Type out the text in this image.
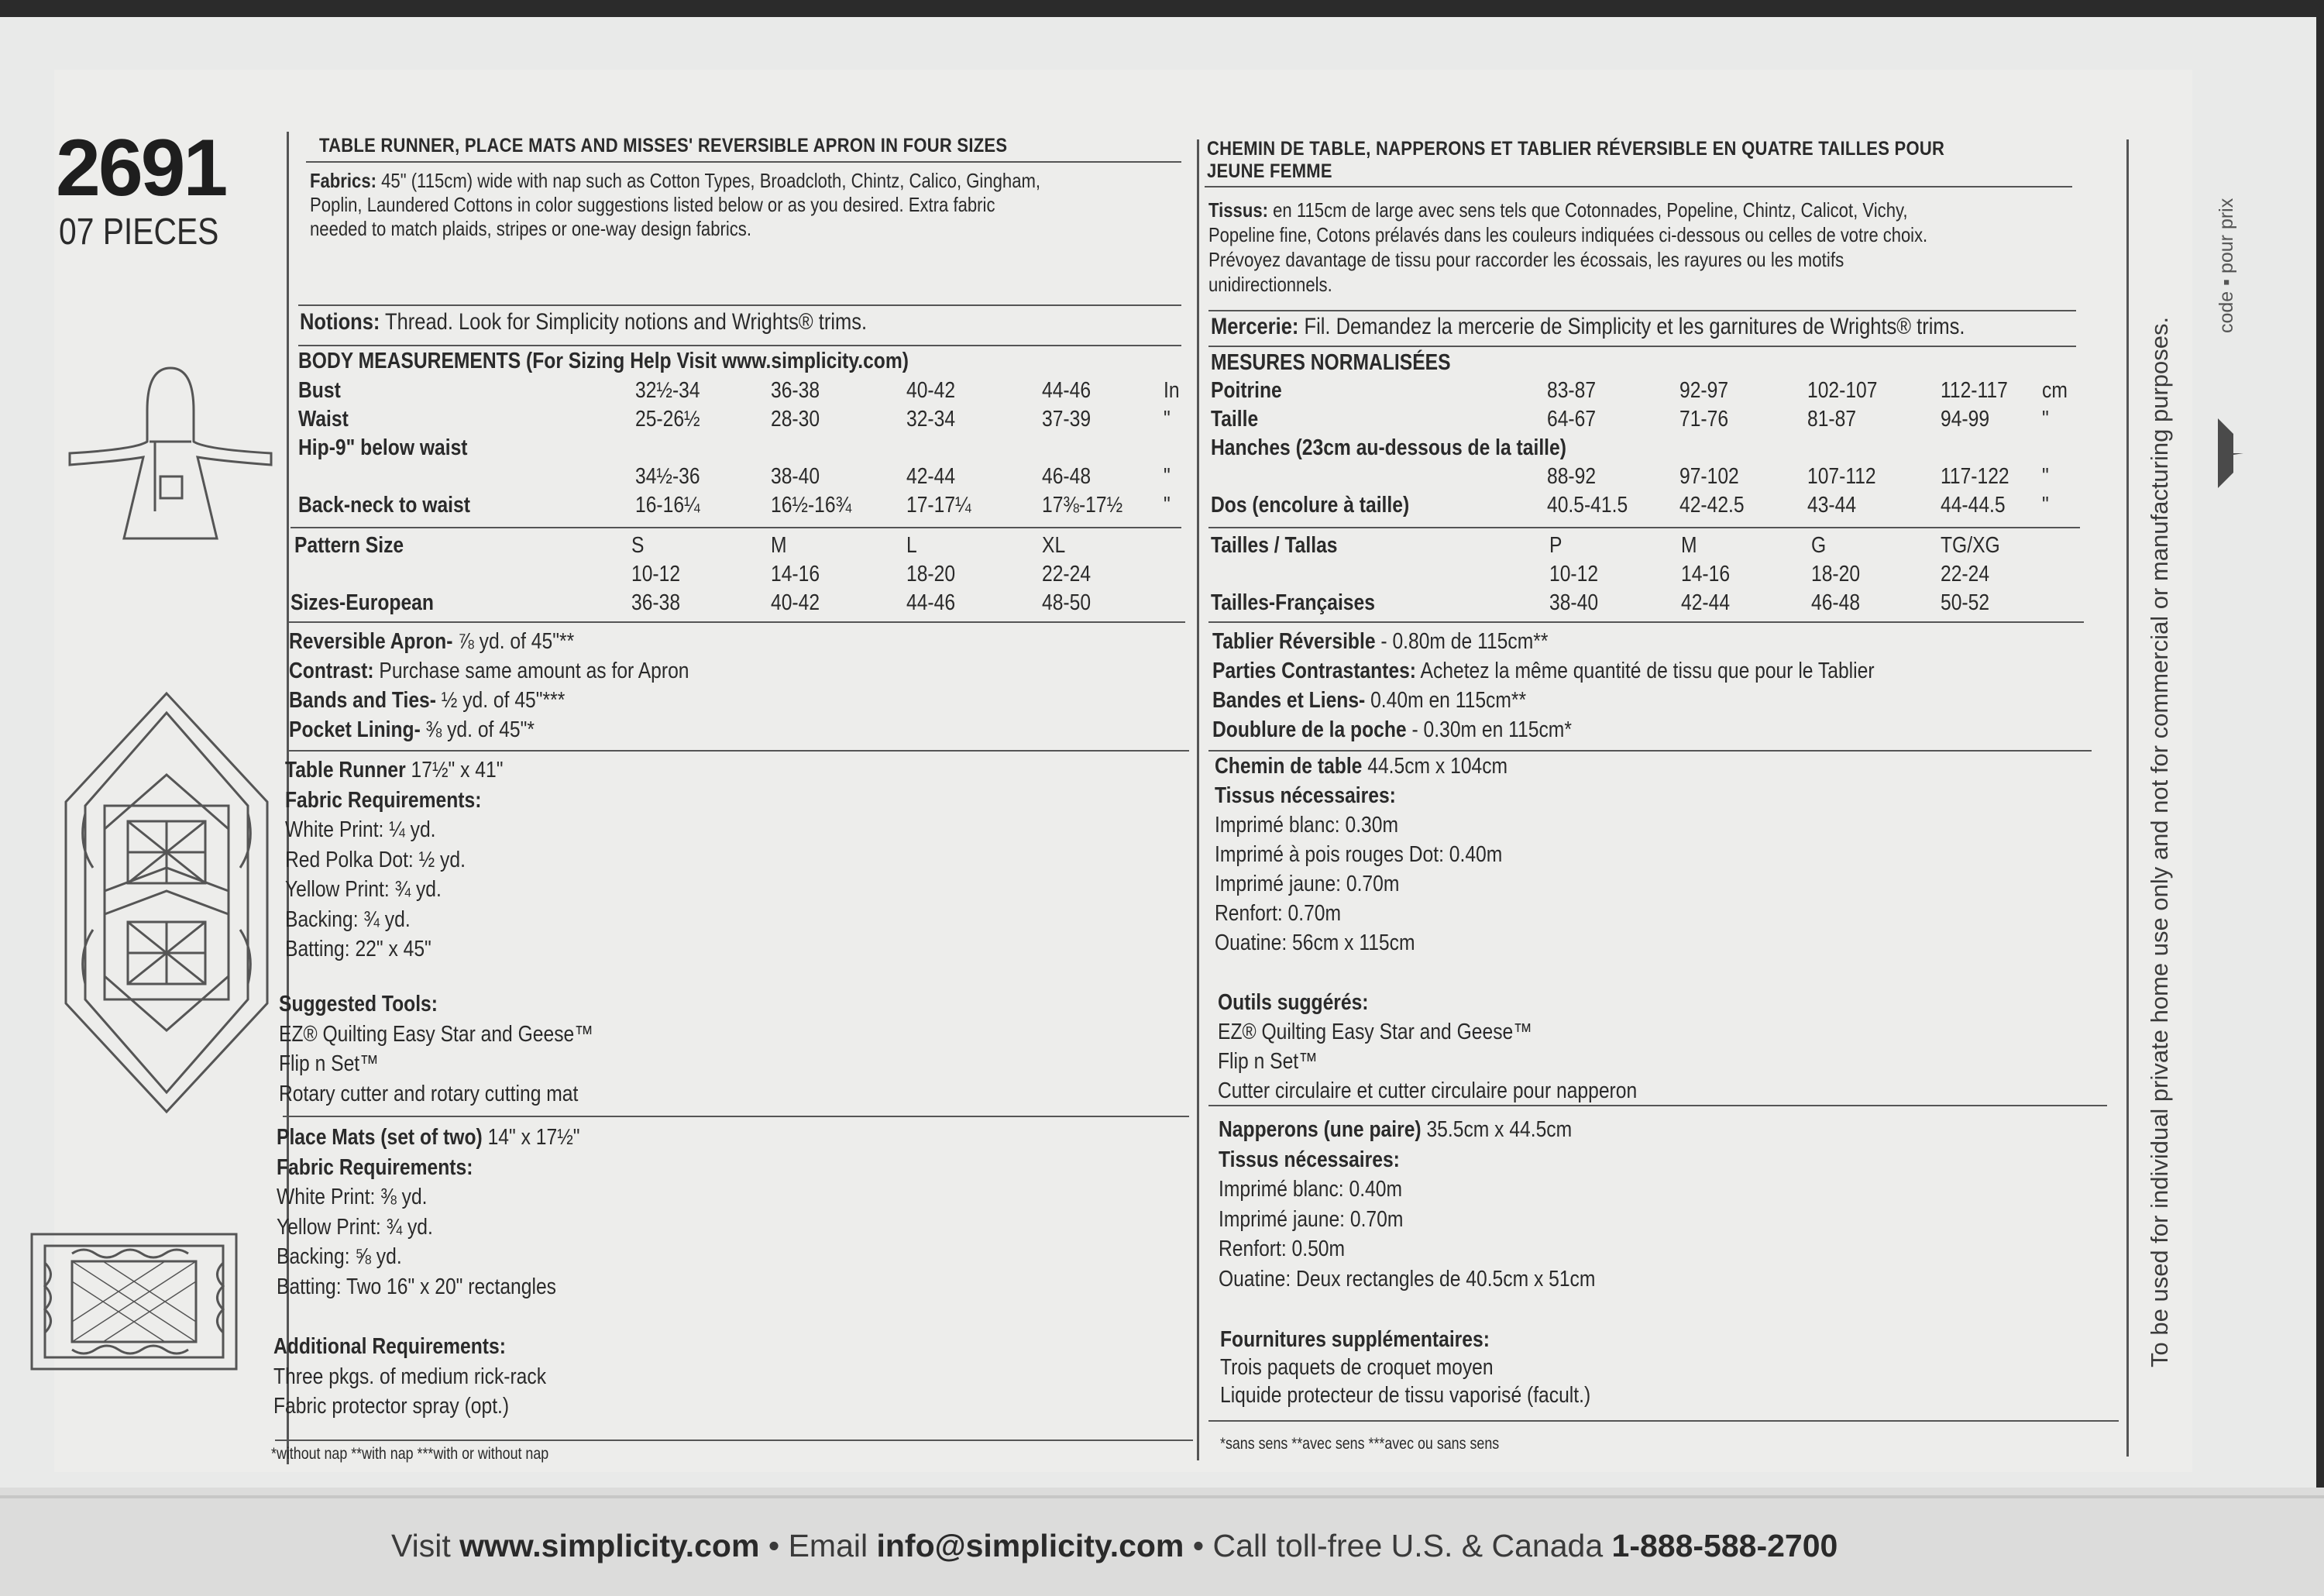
2691
07 PIECES
TABLE RUNNER, PLACE MATS AND MISSES' REVERSIBLE APRON IN FOUR SIZES
Fabrics: 45" (115cm) wide with nap such as Cotton Types, Broadcloth, Chintz, Calico, Gingham,
Poplin, Laundered Cottons in color suggestions listed below or as you desired. Extra fabric
needed to match plaids, stripes or one-way design fabrics.
Notions: Thread. Look for Simplicity notions and Wrights® trims.
BODY MEASUREMENTS (For Sizing Help Visit www.simplicity.com)
Bust	32½-34	36-38	40-42	44-46	In
Waist	25-26½	28-30	32-34	37-39	"
Hip-9" below waist
34½-36	38-40	42-44	46-48	"
Back-neck to waist	16-16¼	16½-16¾ 17-17¼	17⅜-17½ "
Pattern Size	S	M	L	XL
10-12	14-16	18-20	22-24
36-38	40-42	44-46	48-50
Sizes-European
Reversible Apron- ⅞ yd. of 45"**
Contrast: Purchase same amount as for Apron
Bands and Ties- ½ yd. of 45"***
Pocket Lining- ⅜ yd. of 45"*
Table Runner 17½" x 41"
Fabric Requirements:
White Print: ¼ yd.
Red Polka Dot: ½ yd.
Yellow Print: ¾ yd.
Backing: ¾ yd.
Batting: 22" x 45"
Suggested Tools:
EZ® Quilting Easy Star and Geese™
Flip n Set™
Rotary cutter and rotary cutting mat
Place Mats (set of two) 14" x 17½"
Fabric Requirements:
White Print: ⅜ yd.
Yellow Print: ¾ yd.
Backing: ⅝ yd.
Batting: Two 16" x 20" rectangles
Additional Requirements:
Three pkgs. of medium rick-rack
Fabric protector spray (opt.)
*without nap **with nap ***with or without nap
CHEMIN DE TABLE, NAPPERONS ET TABLIER RÉVERSIBLE EN QUATRE TAILLES POUR
JEUNE FEMME
Tissus: en 115cm de large avec sens tels que Cotonnades, Popeline, Chintz, Calicot, Vichy,
Popeline fine, Cotons prélavés dans les couleurs indiquées ci-dessous ou celles de votre choix.
Prévoyez davantage de tissu pour raccorder les écossais, les rayures ou les motifs
unidirectionnels.
Mercerie: Fil. Demandez la mercerie de Simplicity et les garnitures de Wrights® trims.
MESURES NORMALISÉES
Poitrine	83-87	92-97	102-107	112-117 cm
Taille	64-67	71-76	81-87	94-99 "
Hanches (23cm au-dessous de la taille)
88-92	97-102	107-112	117-122 "
Dos (encolure à taille)	40.5-41.5 42-42.5	43-44	44-44.5 "
Tailles / Tallas	P	M	G	TG/XG
10-12	14-16	18-20	22-24
38-40	42-44	46-48	50-52
Tailles-Françaises
Tablier Réversible - 0.80m de 115cm**
Parties Contrastantes: Achetez la même quantité de tissu que pour le Tablier
Bandes et Liens- 0.40m en 115cm**
Doublure de la poche - 0.30m en 115cm*
Chemin de table 44.5cm x 104cm
Tissus nécessaires:
Imprimé blanc: 0.30m
Imprimé à pois rouges Dot: 0.40m
Imprimé jaune: 0.70m
Renfort: 0.70m
Ouatine: 56cm x 115cm
Outils suggérés:
EZ® Quilting Easy Star and Geese™
Flip n Set™
Cutter circulaire et cutter circulaire pour napperon
Napperons (une paire) 35.5cm x 44.5cm
Tissus nécessaires:
Imprimé blanc: 0.40m
Imprimé jaune: 0.70m
Renfort: 0.50m
Ouatine: Deux rectangles de 40.5cm x 51cm
Fournitures supplémentaires:
Trois paquets de croquet moyen
Liquide protecteur de tissu vaporisé (facult.)
*sans sens **avec sens ***avec ou sans sens
To be used for individual private home use only and not for commercial or manufacturing purposes.
code ▪ pour prix
Visit www.simplicity.com • Email info@simplicity.com • Call toll-free U.S. & Canada 1-888-588-2700
